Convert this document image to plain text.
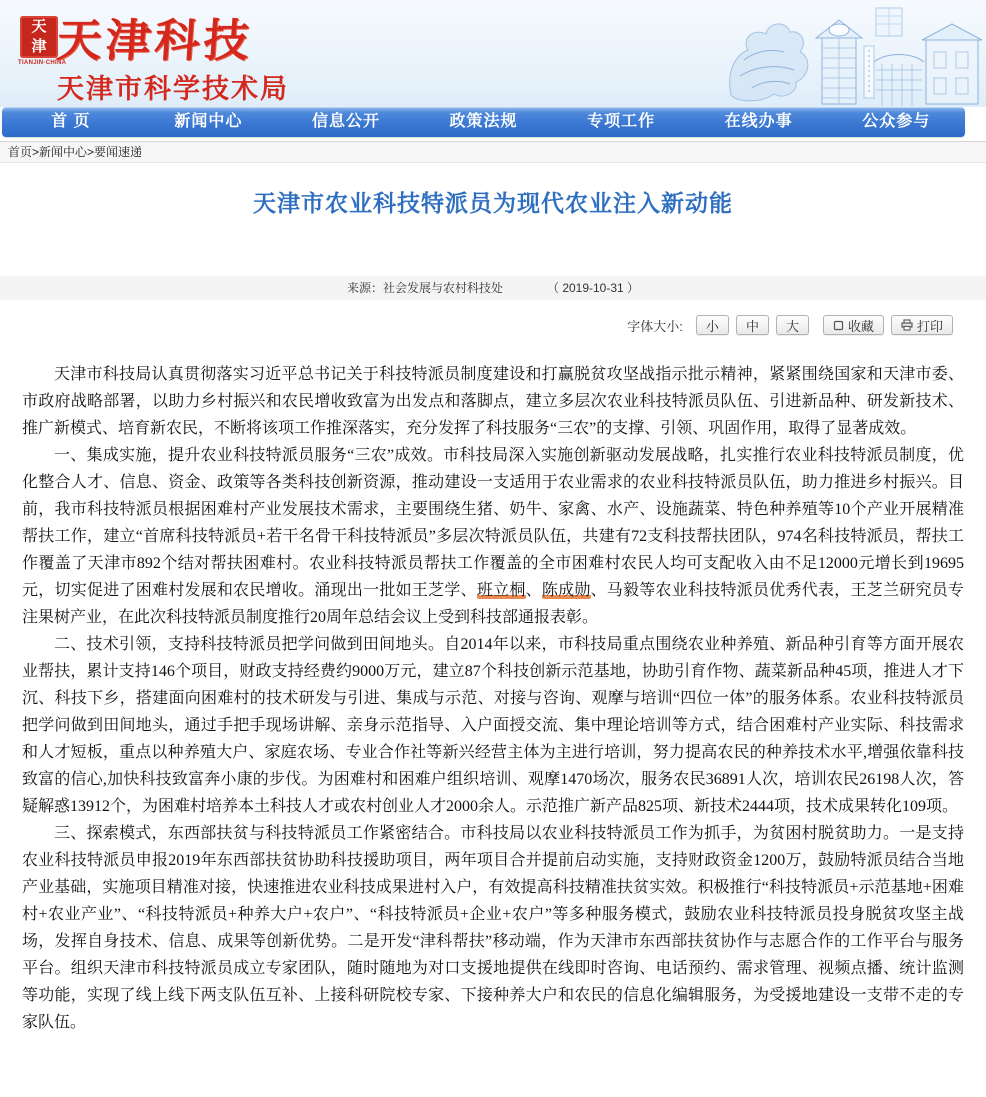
天
津
TIANJIN·CHINA
天津科技
天津市科学技术局
首 页	新闻中心	信息公开	政策法规	专项工作	在线办事	公众参与
首页>新闻中心>要闻速递
天津市农业科技特派员为现代农业注入新动能
来源：社会发展与农村科技处	（ 2019-10-31 ）
字体大小:	小	中	大	收藏	打印

天津市科技局认真贯彻落实习近平总书记关于科技特派员制度建设和打赢脱贫攻坚战指示批示精神，紧紧围绕国家和天津市委、市政府战略部署，以助力乡村振兴和农民增收致富为出发点和落脚点，建立多层次农业科技特派员队伍、引进新品种、研发新技术、推广新模式、培育新农民，不断将该项工作推深落实，充分发挥了科技服务“三农”的支撑、引领、巩固作用，取得了显著成效。

一、集成实施，提升农业科技特派员服务“三农”成效。市科技局深入实施创新驱动发展战略，扎实推行农业科技特派员制度，优化整合人才、信息、资金、政策等各类科技创新资源，推动建设一支适用于农业需求的农业科技特派员队伍，助力推进乡村振兴。目前，我市科技特派员根据困难村产业发展技术需求，主要围绕生猪、奶牛、家禽、水产、设施蔬菜、特色种养殖等10个产业开展精准帮扶工作，建立“首席科技特派员+若干名骨干科技特派员”多层次特派员队伍，共建有72支科技帮扶团队，974名科技特派员，帮扶工作覆盖了天津市892个结对帮扶困难村。农业科技特派员帮扶工作覆盖的全市困难村农民人均可支配收入由不足12000元增长到19695元，切实促进了困难村发展和农民增收。涌现出一批如王芝学、班立桐、陈成勋、马毅等农业科技特派员优秀代表，王芝兰研究员专注果树产业，在此次科技特派员制度推行20周年总结会议上受到科技部通报表彰。

二、技术引领，支持科技特派员把学问做到田间地头。自2014年以来，市科技局重点围绕农业种养殖、新品种引育等方面开展农业帮扶，累计支持146个项目，财政支持经费约9000万元，建立87个科技创新示范基地，协助引育作物、蔬菜新品种45项，推进人才下沉、科技下乡，搭建面向困难村的技术研发与引进、集成与示范、对接与咨询、观摩与培训“四位一体”的服务体系。农业科技特派员把学问做到田间地头，通过手把手现场讲解、亲身示范指导、入户面授交流、集中理论培训等方式，结合困难村产业实际、科技需求和人才短板，重点以种养殖大户、家庭农场、专业合作社等新兴经营主体为主进行培训，努力提高农民的种养技术水平,增强依靠科技致富的信心,加快科技致富奔小康的步伐。为困难村和困难户组织培训、观摩1470场次，服务农民36891人次，培训农民26198人次，答疑解惑13912个，为困难村培养本土科技人才或农村创业人才2000余人。示范推广新产品825项、新技术2444项，技术成果转化109项。

三、探索模式，东西部扶贫与科技特派员工作紧密结合。市科技局以农业科技特派员工作为抓手，为贫困村脱贫助力。一是支持农业科技特派员申报2019年东西部扶贫协助科技援助项目，两年项目合并提前启动实施，支持财政资金1200万，鼓励特派员结合当地产业基础，实施项目精准对接，快速推进农业科技成果进村入户，有效提高科技精准扶贫实效。积极推行“科技特派员+示范基地+困难村+农业产业”、“科技特派员+种养大户+农户”、“科技特派员+企业+农户”等多种服务模式，鼓励农业科技特派员投身脱贫攻坚主战场，发挥自身技术、信息、成果等创新优势。二是开发“津科帮扶”移动端，作为天津市东西部扶贫协作与志愿合作的工作平台与服务平台。组织天津市科技特派员成立专家团队，随时随地为对口支援地提供在线即时咨询、电话预约、需求管理、视频点播、统计监测等功能，实现了线上线下两支队伍互补、上接科研院校专家、下接种养大户和农民的信息化编辑服务，为受援地建设一支带不走的专家队伍。
